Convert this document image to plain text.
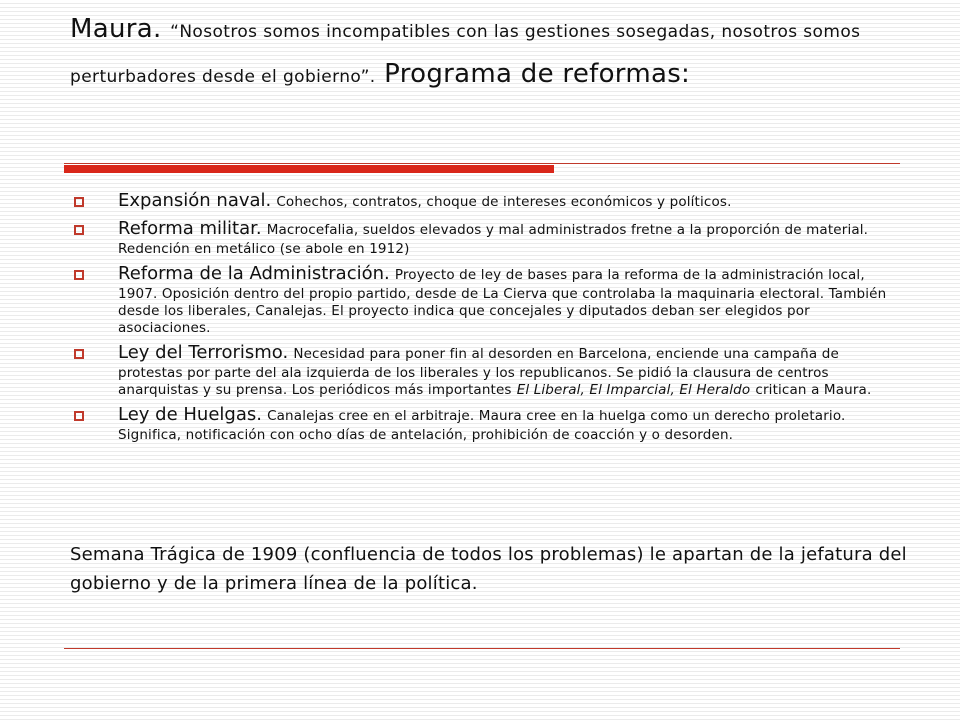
Maura. “Nosotros somos incompatibles con las gestiones sosegadas, nosotros somos perturbadores desde el gobierno”. Programa de reformas:
Expansión naval. Cohechos, contratos, choque de intereses económicos y políticos.
Reforma militar. Macrocefalia, sueldos elevados y mal administrados fretne a la proporción de material. Redención en metálico (se abole en 1912)
Reforma de la Administración. Proyecto de ley de bases para la reforma de la administración local, 1907. Oposición dentro del propio partido, desde de La Cierva que controlaba la maquinaria electoral. También desde los liberales, Canalejas. El proyecto indica que concejales y diputados deban ser elegidos por asociaciones.
Ley del Terrorismo. Necesidad para poner fin al desorden en Barcelona, enciende una campaña de protestas por parte del ala izquierda de los liberales y los republicanos. Se pidió la clausura de centros anarquistas y su prensa. Los periódicos más importantes El Liberal, El Imparcial, El Heraldo critican a Maura.
Ley de Huelgas. Canalejas cree en el arbitraje. Maura cree en la huelga como un derecho proletario. Significa, notificación con ocho días de antelación, prohibición de coacción y o desorden.
Semana Trágica de 1909 (confluencia de todos los problemas) le apartan de la jefatura del gobierno y de la primera línea de la política.
